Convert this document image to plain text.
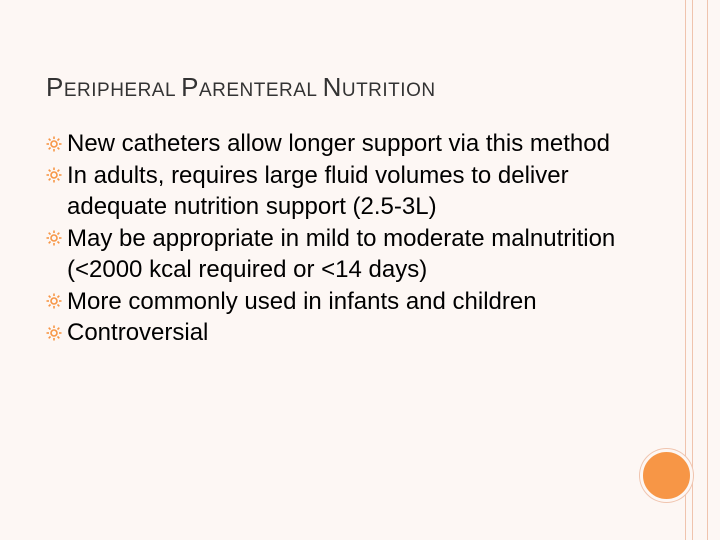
PERIPHERAL PARENTERAL NUTRITION
New catheters allow longer support via this method
In adults, requires large fluid volumes to deliver adequate nutrition support (2.5-3L)
May be appropriate in mild to moderate malnutrition (<2000 kcal required or <14 days)
More commonly used in infants and children
Controversial
